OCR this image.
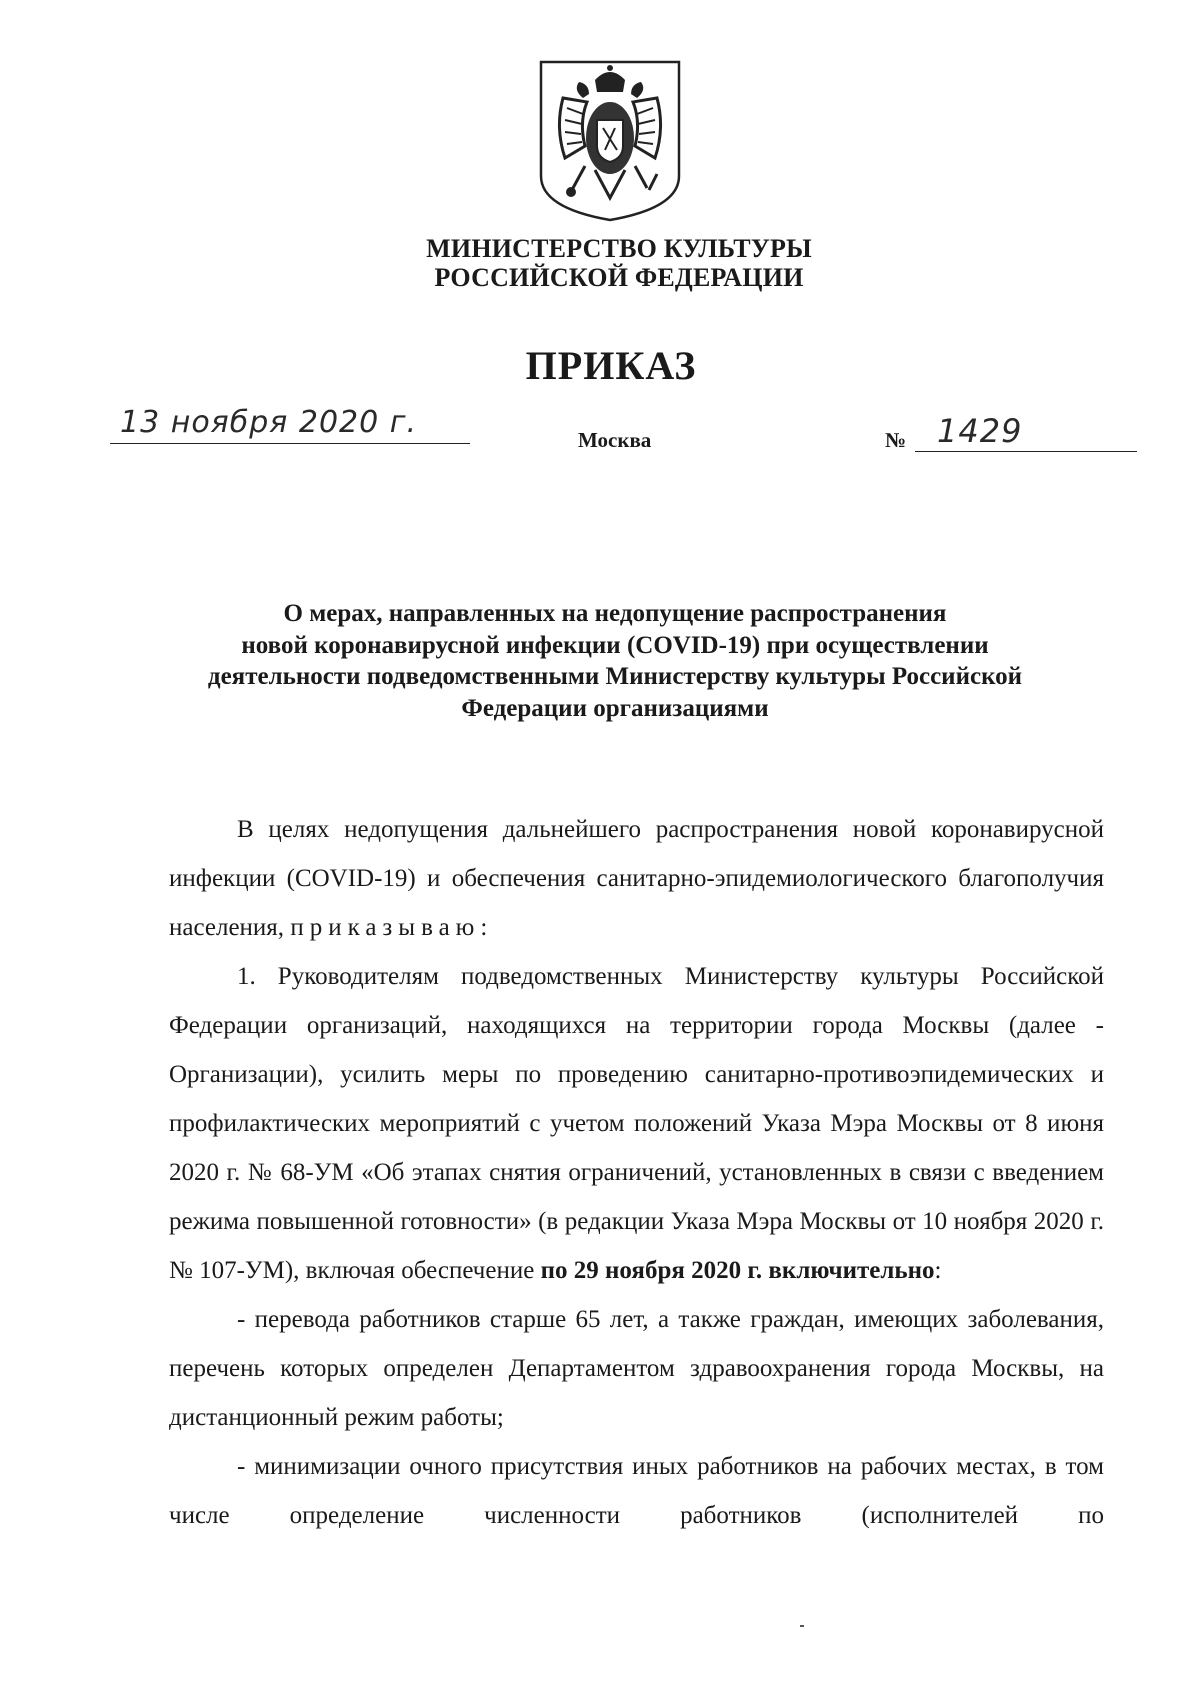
МИНИСТЕРСТВО КУЛЬТУРЫ
РОССИЙСКОЙ ФЕДЕРАЦИИ
ПРИКАЗ
13 ноября 2020 г.	Москва	№ 1429
О мерах, направленных на недопущение распространения
новой коронавирусной инфекции (COVID-19) при осуществлении
деятельности подведомственными Министерству культуры Российской
Федерации организациями

В целях недопущения дальнейшего распространения новой коронавирусной инфекции (COVID-19) и обеспечения санитарно-эпидемиологического благополучия населения, приказываю:

1. Руководителям подведомственных Министерству культуры Российской Федерации организаций, находящихся на территории города Москвы (далее - Организации), усилить меры по проведению санитарно-противоэпидемических и профилактических мероприятий с учетом положений Указа Мэра Москвы от 8 июня 2020 г. № 68-УМ «Об этапах снятия ограничений, установленных в связи с введением режима повышенной готовности» (в редакции Указа Мэра Москвы от 10 ноября 2020 г. № 107-УМ), включая обеспечение по 29 ноября 2020 г. включительно:

- перевода работников старше 65 лет, а также граждан, имеющих заболевания, перечень которых определен Департаментом здравоохранения города Москвы, на дистанционный режим работы;

- минимизации очного присутствия иных работников на рабочих местах, в том числе определение численности работников (исполнителей по
